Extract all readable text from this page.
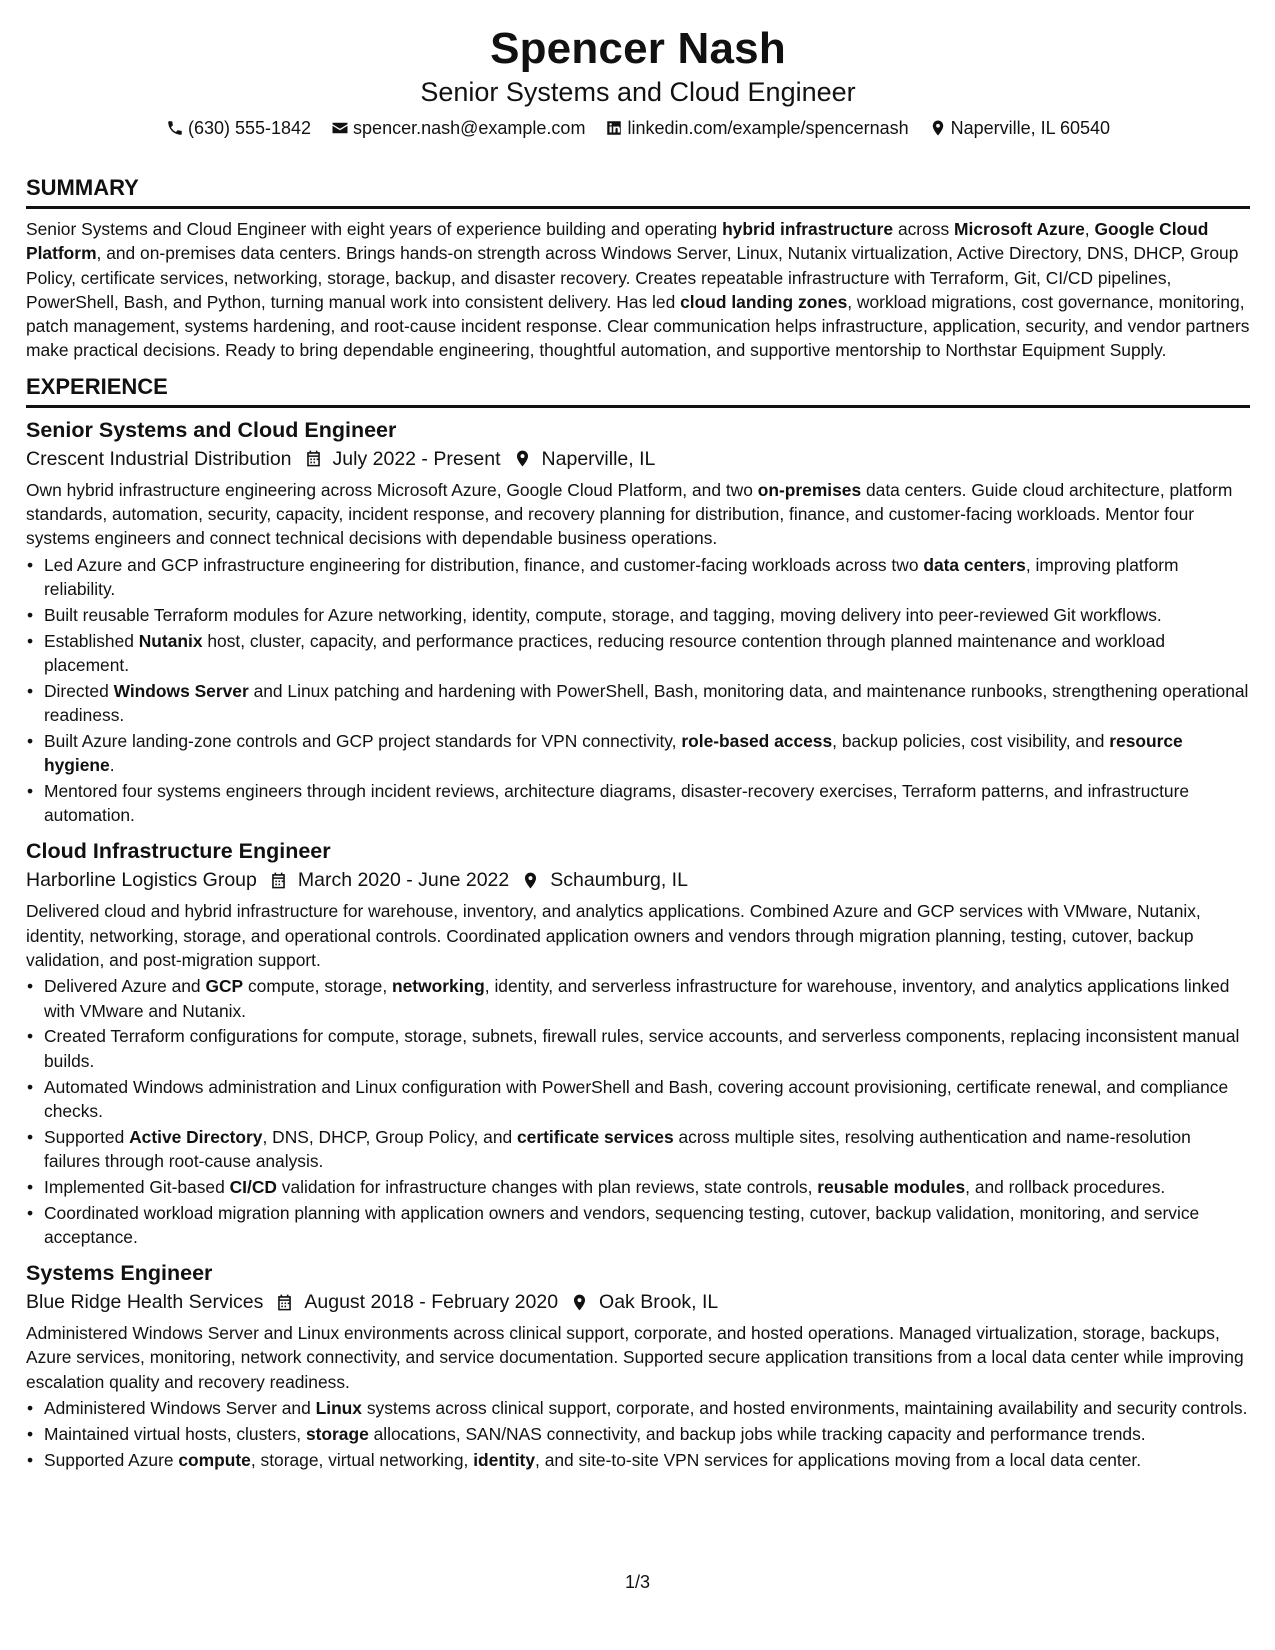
Spencer Nash
Senior Systems and Cloud Engineer
(630) 555-1842 spencer.nash@example.com linkedin.com/example/spencernash Naperville, IL 60540
SUMMARY

Senior Systems and Cloud Engineer with eight years of experience building and operating hybrid infrastructure across Microsoft Azure, Google Cloud Platform, and on-premises data centers. Brings hands-on strength across Windows Server, Linux, Nutanix virtualization, Active Directory, DNS, DHCP, Group Policy, certificate services, networking, storage, backup, and disaster recovery. Creates repeatable infrastructure with Terraform, Git, CI/CD pipelines, PowerShell, Bash, and Python, turning manual work into consistent delivery. Has led cloud landing zones, workload migrations, cost governance, monitoring, patch management, systems hardening, and root-cause incident response. Clear communication helps infrastructure, application, security, and vendor partners make practical decisions. Ready to bring dependable engineering, thoughtful automation, and supportive mentorship to Northstar Equipment Supply.

EXPERIENCE
Senior Systems and Cloud Engineer
Crescent Industrial Distribution July 2022 - Present Naperville, IL

Own hybrid infrastructure engineering across Microsoft Azure, Google Cloud Platform, and two on-premises data centers. Guide cloud architecture, platform standards, automation, security, capacity, incident response, and recovery planning for distribution, finance, and customer-facing workloads. Mentor four systems engineers and connect technical decisions with dependable business operations.

• Led Azure and GCP infrastructure engineering for distribution, finance, and customer-facing workloads across two data centers, improving platform reliability.
• Built reusable Terraform modules for Azure networking, identity, compute, storage, and tagging, moving delivery into peer-reviewed Git workflows.
• Established Nutanix host, cluster, capacity, and performance practices, reducing resource contention through planned maintenance and workload placement.
• Directed Windows Server and Linux patching and hardening with PowerShell, Bash, monitoring data, and maintenance runbooks, strengthening operational readiness.
• Built Azure landing-zone controls and GCP project standards for VPN connectivity, role-based access, backup policies, cost visibility, and resource hygiene.
• Mentored four systems engineers through incident reviews, architecture diagrams, disaster-recovery exercises, Terraform patterns, and infrastructure automation.
Cloud Infrastructure Engineer
Harborline Logistics Group March 2020 - June 2022 Schaumburg, IL

Delivered cloud and hybrid infrastructure for warehouse, inventory, and analytics applications. Combined Azure and GCP services with VMware, Nutanix, identity, networking, storage, and operational controls. Coordinated application owners and vendors through migration planning, testing, cutover, backup validation, and post-migration support.

• Delivered Azure and GCP compute, storage, networking, identity, and serverless infrastructure for warehouse, inventory, and analytics applications linked with VMware and Nutanix.
• Created Terraform configurations for compute, storage, subnets, firewall rules, service accounts, and serverless components, replacing inconsistent manual builds.
• Automated Windows administration and Linux configuration with PowerShell and Bash, covering account provisioning, certificate renewal, and compliance checks.
• Supported Active Directory, DNS, DHCP, Group Policy, and certificate services across multiple sites, resolving authentication and name-resolution failures through root-cause analysis.
• Implemented Git-based CI/CD validation for infrastructure changes with plan reviews, state controls, reusable modules, and rollback procedures.
• Coordinated workload migration planning with application owners and vendors, sequencing testing, cutover, backup validation, monitoring, and service acceptance.
Systems Engineer
Blue Ridge Health Services August 2018 - February 2020 Oak Brook, IL

Administered Windows Server and Linux environments across clinical support, corporate, and hosted operations. Managed virtualization, storage, backups, Azure services, monitoring, network connectivity, and service documentation. Supported secure application transitions from a local data center while improving escalation quality and recovery readiness.

• Administered Windows Server and Linux systems across clinical support, corporate, and hosted environments, maintaining availability and security controls.
• Maintained virtual hosts, clusters, storage allocations, SAN/NAS connectivity, and backup jobs while tracking capacity and performance trends.
• Supported Azure compute, storage, virtual networking, identity, and site-to-site VPN services for applications moving from a local data center.
1/3
